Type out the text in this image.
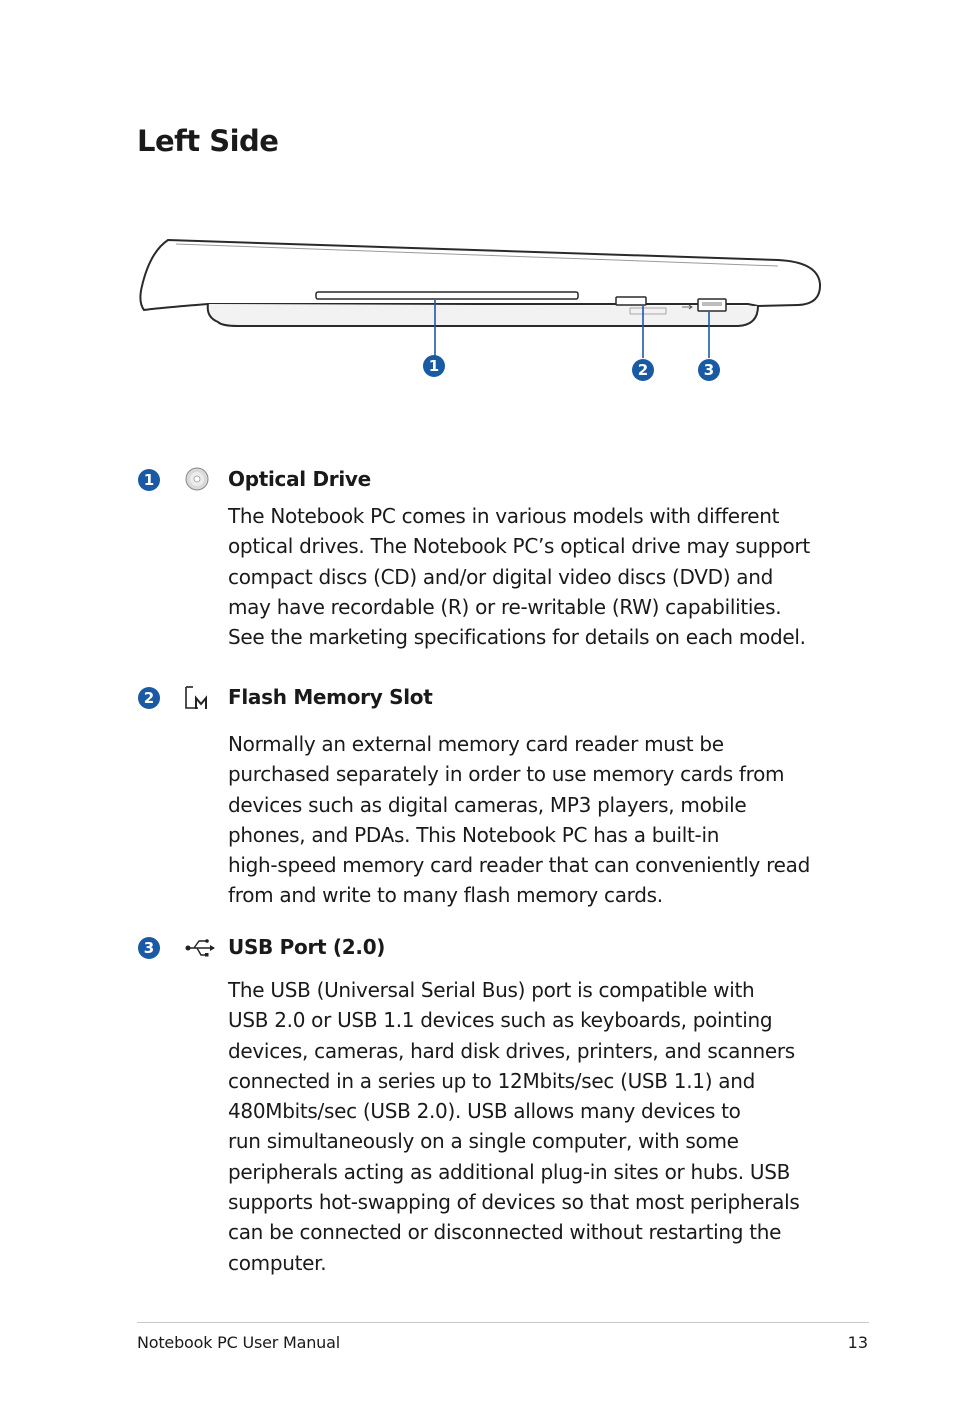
Left Side
1	2	3
1	Optical Drive

The Notebook PC comes in various models with different
optical drives. The Notebook PC’s optical drive may support
compact discs (CD) and/or digital video discs (DVD) and
may have recordable (R) or re-writable (RW) capabilities.
See the marketing specifications for details on each model.

2	Flash Memory Slot

Normally an external memory card reader must be
purchased separately in order to use memory cards from
devices such as digital cameras, MP3 players, mobile
phones, and PDAs. This Notebook PC has a built-in
high-speed memory card reader that can conveniently read
from and write to many flash memory cards.

3	USB Port (2.0)

The USB (Universal Serial Bus) port is compatible with
USB 2.0 or USB 1.1 devices such as keyboards, pointing
devices, cameras, hard disk drives, printers, and scanners
connected in a series up to 12Mbits/sec (USB 1.1) and
480Mbits/sec (USB 2.0). USB allows many devices to
run simultaneously on a single computer, with some
peripherals acting as additional plug-in sites or hubs. USB
supports hot-swapping of devices so that most peripherals
can be connected or disconnected without restarting the
computer.

Notebook PC User Manual	13
